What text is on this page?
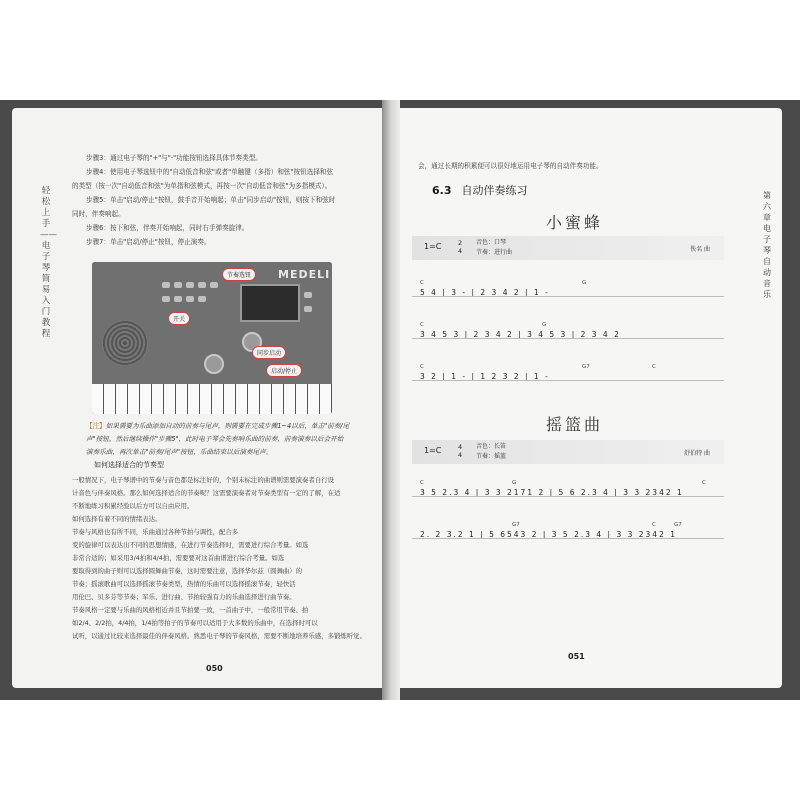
轻松上手——电子琴简易入门教程
步骤3：通过电子琴的"+"与"-"功能按钮选择具体节奏类型。
步骤4：使用电子琴选钮中的"自动低音和弦"或者"单触键（多指）和弦"按钮选择和弦
的类型（按一次"自动低音和弦"为单指和弦模式，再按一次"自动低音和弦"为多指模式）。
步骤5：单击"启动/停止"按钮，鼓手音开始响起；单击"同步启动"按钮，则按下和弦时
同时，伴奏响起。
步骤6：按下和弦，伴奏开始响起，同时右手弹奏旋律。
步骤7：单击"启动/停止"按钮，停止演奏。
MEDELI
节奏选钮
开关
同步启动
启动/停止
【注】如果需要为乐曲添加自动的前奏与尾声，则需要在完成步骤1~4以后，单击"前奏/尾
声"按钮，然后继续操作"步骤5"，此时电子琴会先奏响乐曲的前奏，前奏演奏以后会开始
演奏乐曲，再次单击"前奏/尾声"按钮，乐曲结束以后演奏尾声。
如何选择适合的节奏型
一般情况下，电子琴谱中的节奏与音色都是标注好的，个别未标注的曲谱则需要演奏者自行设
计音色与伴奏风格。那么如何选择适合的节奏呢？这需要演奏者对节奏类型有一定的了解，在适
不断地练习积累经验以后方可以自由应用。
如何选择有着不同的情绪表达。
节奏与风格也有所不同，乐曲通过各种节拍与调性，配合多
变的旋律可以表达出不同的思想情感，在进行节奏选择时，需要进行综合考量。如选
非常合适的；如采用3/4拍和4/4拍，需要要对这首曲谱进行综合考量。如选
要取得到的曲子则可以选择圆舞曲节奏，这时需要注意，选择华尔兹（圆舞曲）的
节奏；摇滚歌曲可以选择摇滚节奏类型，热情的乐曲可以选择摇滚节奏，轻快活
用伦巴、贝多芬等节奏；军乐、进行曲、节拍较强有力的乐曲选择进行曲节奏。
节奏风格一定要与乐曲的风格相近并且节拍要一致，一首曲子中，一般常用节奏、拍
如2/4、2/2拍，4/4拍，1/4拍等拍子的节奏可以适用于大多数的乐曲中，在选择时可以
试听，以通过比较来选择最佳的伴奏风格。熟悉电子琴的节奏风格，需要不断地培养乐感，多锻炼听觉。
050
会，通过长期的积累便可以很好地运用电子琴的自动伴奏功能。
6.3 自动伴奏练习	第六章 电子琴自动音乐
小蜜蜂
1=C	2
4
音色：口琴
节奏：进行曲	佚名 曲
C	G
5 4 | 3 - | 2 3 4 2 | 1 -
C	G
3 4 5 3 | 2 3 4 2 | 3 4 5 3 | 2 3 4 2
C	G7	C
3 2 | 1 - | 1 2 3 2 | 1 -
摇篮曲
1=C	4
4
音色：长笛
节奏：摇篮	舒伯特 曲
C	G	C
3 5 2.3 4 | 3 3 2171 2 | 5 6 2.3 4 | 3 3 2342 1
G7	C	G7
2. 2 3.2 1 | 5 6543 2 | 3 5 2.3 4 | 3 3 2342 1
051
